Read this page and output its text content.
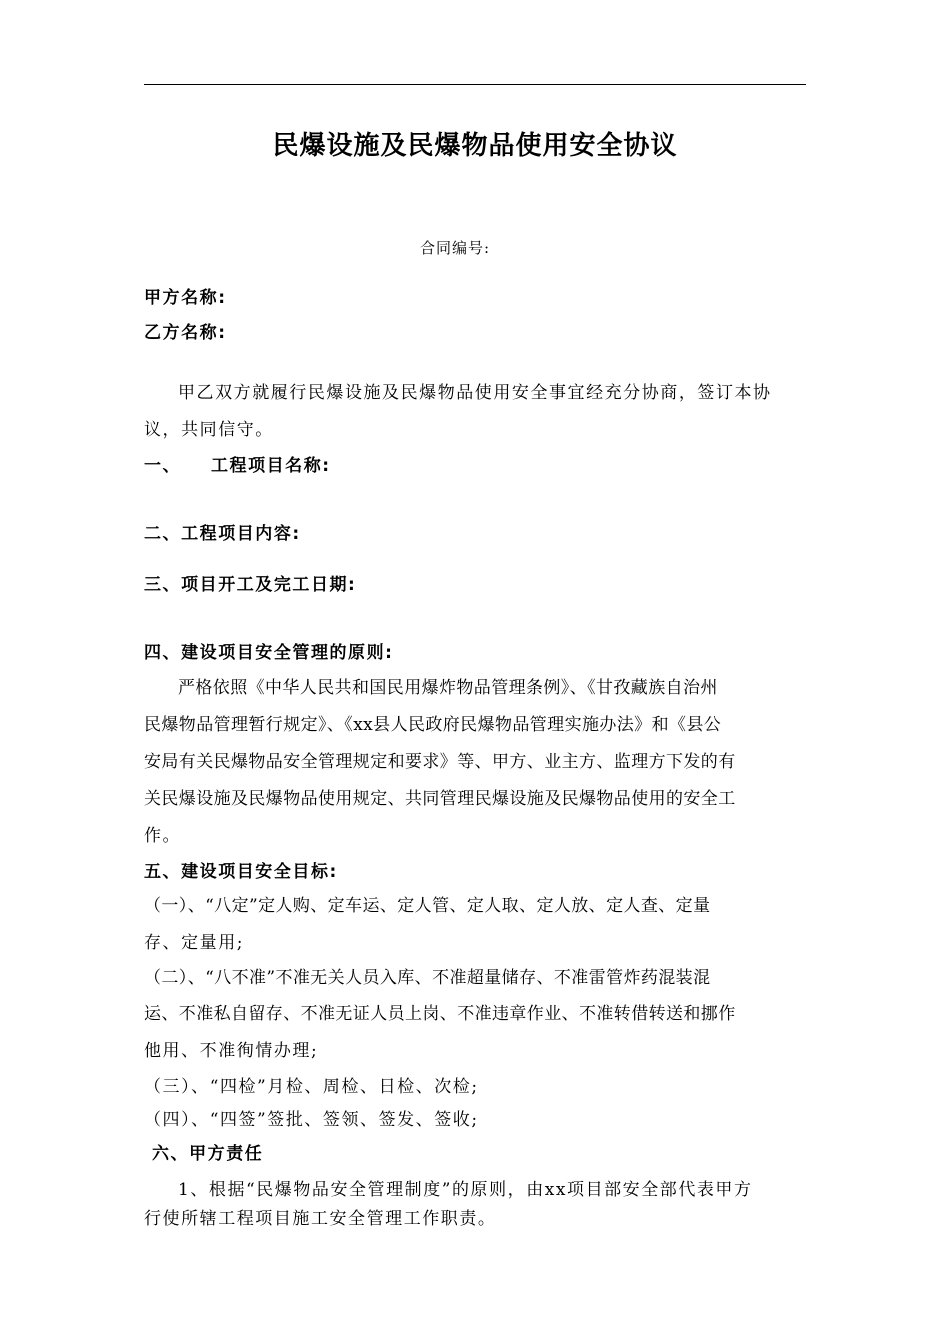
民爆设施及民爆物品使用安全协议
合同编号:
甲方名称:
乙方名称:
甲乙双方就履行民爆设施及民爆物品使用安全事宜经充分协商，签订本协
议，共同信守。
一、    工程项目名称:
二、工程项目内容:
三、项目开工及完工日期:
四、建设项目安全管理的原则:
严格依照《中华人民共和国民用爆炸物品管理条例》、《甘孜藏族自治州
民爆物品管理暂行规定》、《xx县人民政府民爆物品管理实施办法》和《县公
安局有关民爆物品安全管理规定和要求》等、甲方、业主方、监理方下发的有
关民爆设施及民爆物品使用规定、共同管理民爆设施及民爆物品使用的安全工
作。
五、建设项目安全目标:
（一）、“八定”定人购、定车运、定人管、定人取、定人放、定人查、定量
存、定量用;
（二）、“八不准”不准无关人员入库、不准超量储存、不准雷管炸药混装混
运、不准私自留存、不准无证人员上岗、不准违章作业、不准转借转送和挪作
他用、不准徇情办理;
（三）、“四检”月检、周检、日检、次检;
（四）、“四签”签批、签领、签发、签收;
六、甲方责任
1、根据“民爆物品安全管理制度”的原则，由xx项目部安全部代表甲方
行使所辖工程项目施工安全管理工作职责。
